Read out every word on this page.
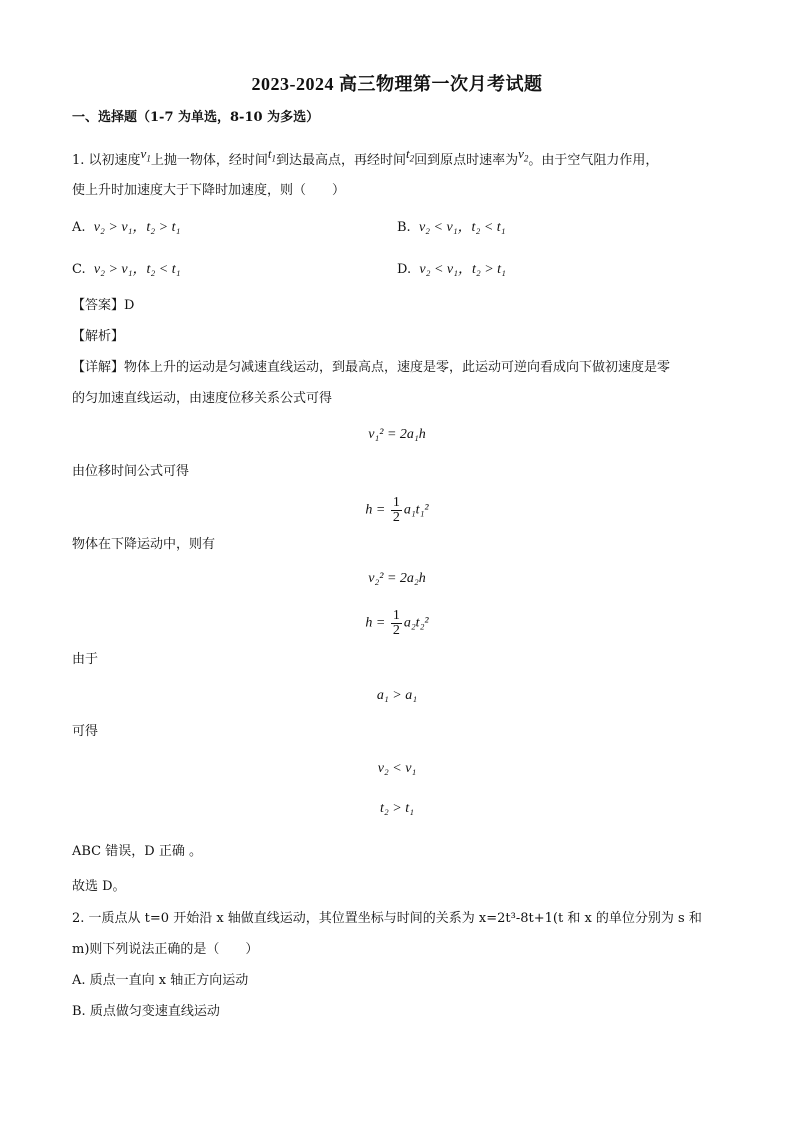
2023-2024 高三物理第一次月考试题
一、选择题（1-7 为单选，8-10 为多选）
1. 以初速度$v_1$上抛一物体，经时间$t_1$到达最高点，再经时间$t_2$回到原点时速率为$v_2$。由于空气阻力作用，
使上升时加速度大于下降时加速度，则（　　）
A. v₂ > v₁，t₂ > t₁	B. v₂ < v₁，t₂ < t₁
C. v₂ > v₁，t₂ < t₁	D. v₂ < v₁，t₂ > t₁
【答案】D
【解析】
【详解】物体上升的运动是匀减速直线运动，到最高点，速度是零，此运动可逆向看成向下做初速度是零
的匀加速直线运动，由速度位移关系公式可得
v₁² = 2a₁h
由位移时间公式可得
$h = \frac{1}{2} a_1t_1^2$
物体在下降运动中，则有
v₂² = 2a₂h
$h = \frac{1}{2} a_2t_2^2$
由于
a₁ > a₁
可得
v₂ < v₁
t₂ > t₁
ABC 错误，D 正确 。
故选 D。
2. 一质点从 t=0 开始沿 x 轴做直线运动，其位置坐标与时间的关系为 x=2t³-8t+1(t 和 x 的单位分别为 s 和
m)则下列说法正确的是（　　）
A. 质点一直向 x 轴正方向运动
B. 质点做匀变速直线运动
